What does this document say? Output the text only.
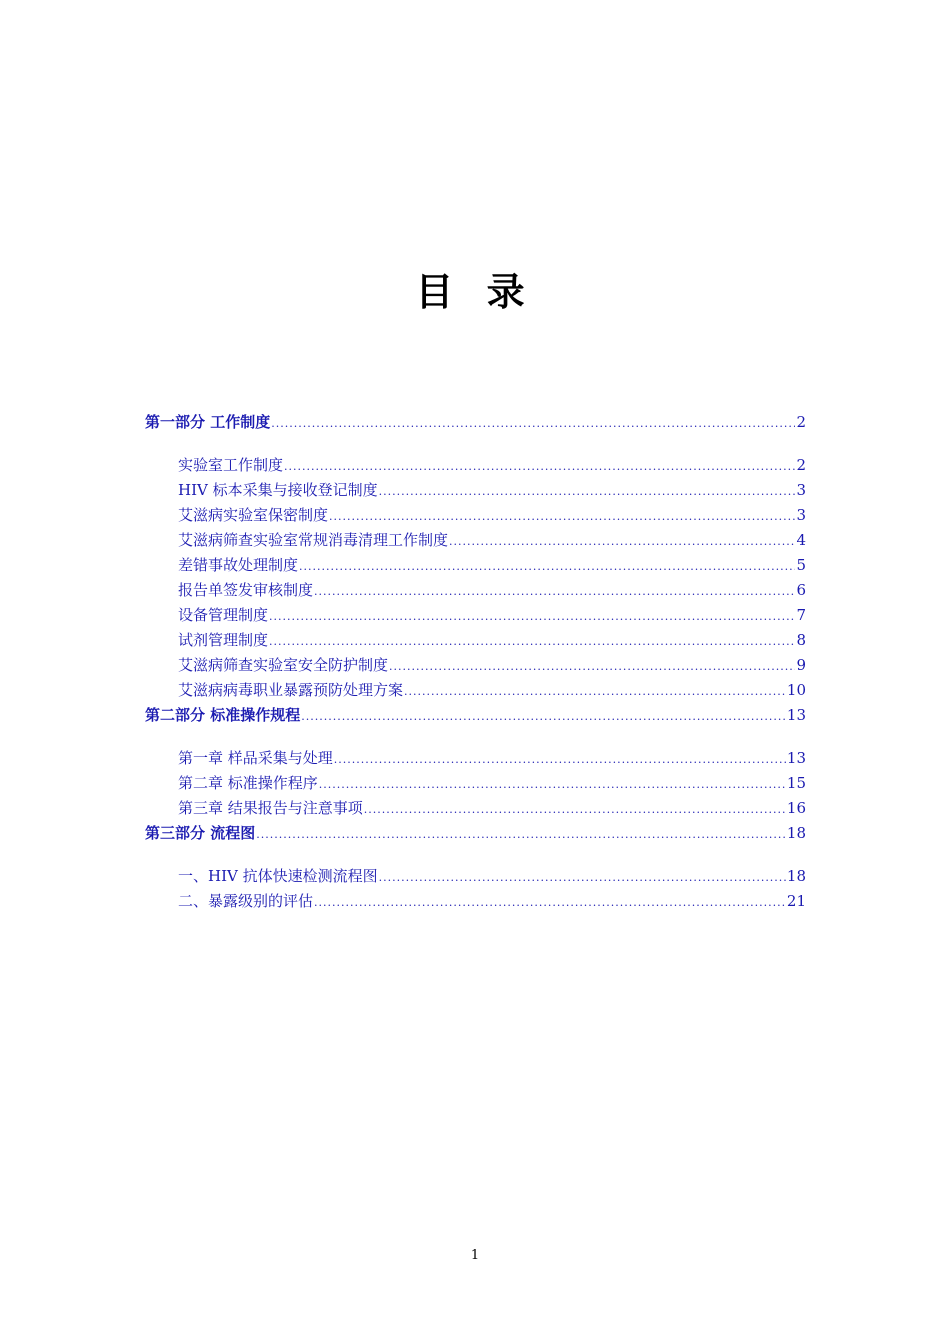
目 录
第一部分 工作制度 .....	2
实验室工作制度 .....	2
HIV 标本采集与接收登记制度 .....	3
艾滋病实验室保密制度 .....	3
艾滋病筛查实验室常规消毒清理工作制度 .....	4
差错事故处理制度 .....	5
报告单签发审核制度 .....	6
设备管理制度 .....	7
试剂管理制度 .....	8
艾滋病筛查实验室安全防护制度 .....	9
艾滋病病毒职业暴露预防处理方案 .....	10
第二部分 标准操作规程 .....	13
第一章 样品采集与处理 .....	13
第二章 标准操作程序 .....	15
第三章 结果报告与注意事项 .....	16
第三部分 流程图 .....	18
一、HIV 抗体快速检测流程图 .....	18
二、暴露级别的评估 .....	21
1
